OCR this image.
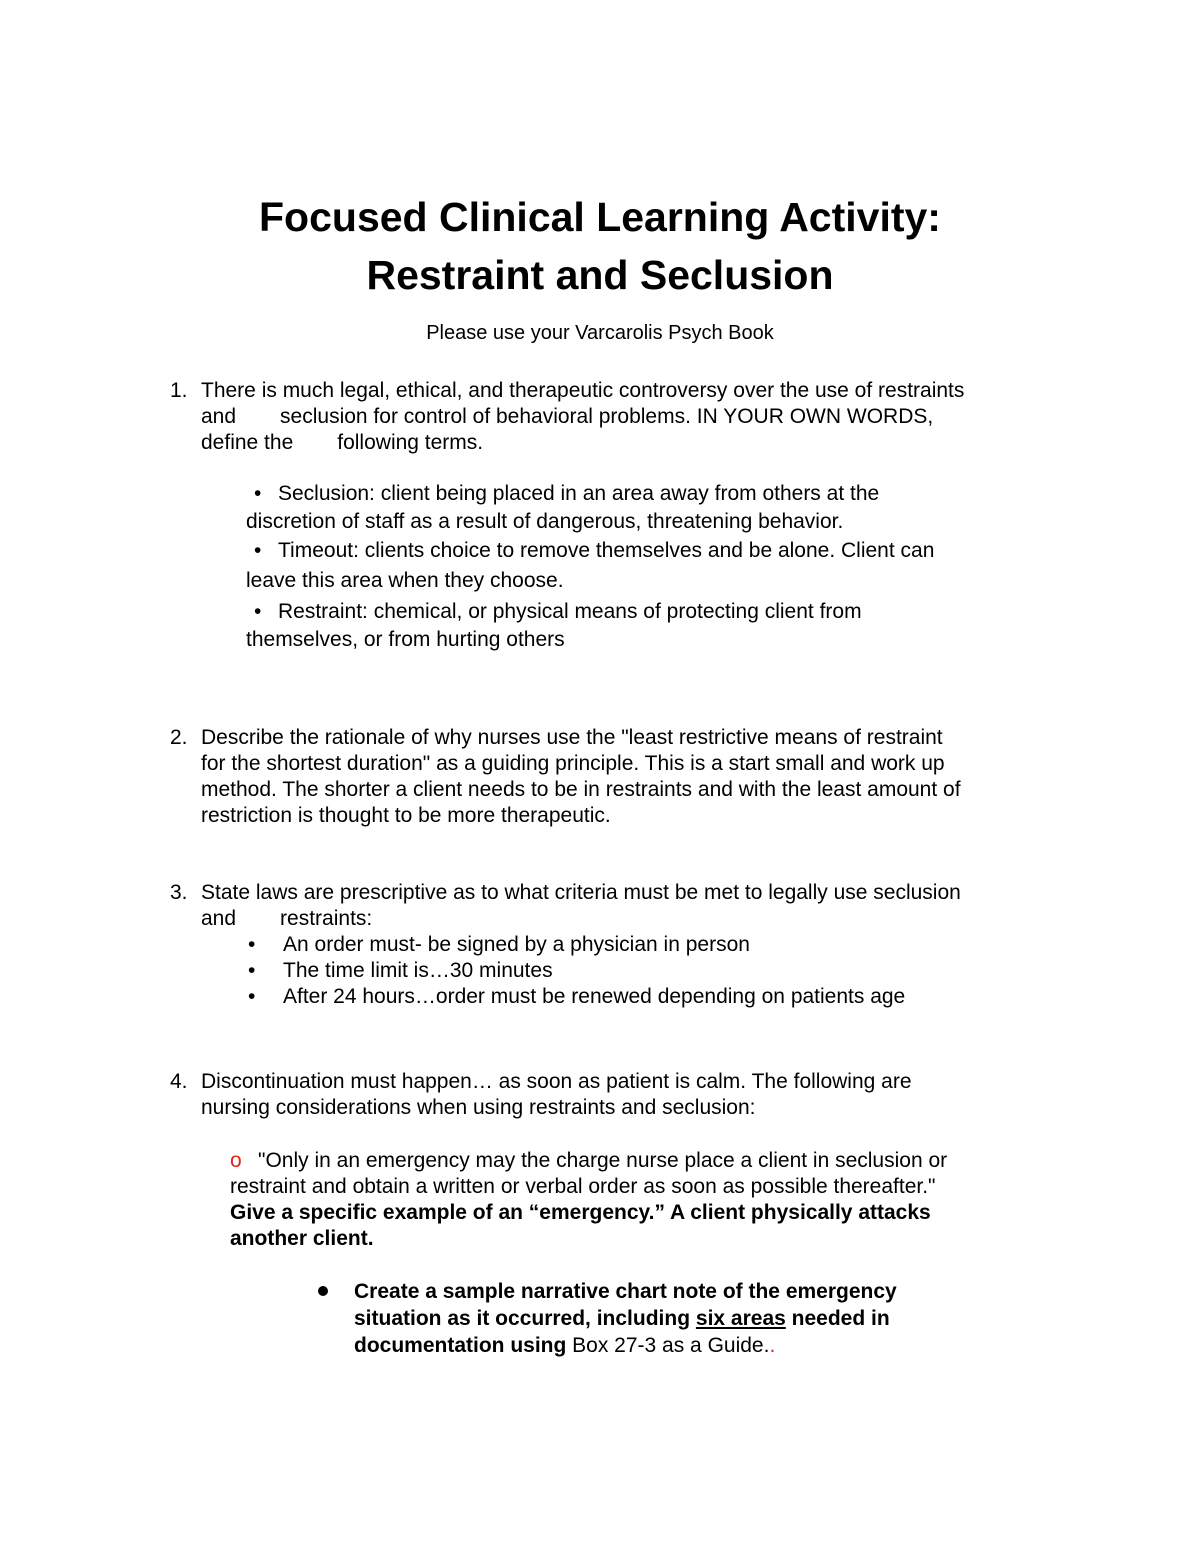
Focused Clinical Learning Activity:
Restraint and Seclusion
Please use your Varcarolis Psych Book
1. There is much legal, ethical, and therapeutic controversy over the use of restraints
and seclusion for control of behavioral problems. IN YOUR OWN WORDS,
define the following terms.
• Seclusion: client being placed in an area away from others at the
discretion of staff as a result of dangerous, threatening behavior.
• Timeout: clients choice to remove themselves and be alone. Client can
leave this area when they choose.
• Restraint: chemical, or physical means of protecting client from
themselves, or from hurting others
2. Describe the rationale of why nurses use the "least restrictive means of restraint
for the shortest duration" as a guiding principle. This is a start small and work up
method. The shorter a client needs to be in restraints and with the least amount of
restriction is thought to be more therapeutic.
3. State laws are prescriptive as to what criteria must be met to legally use seclusion
and restraints:
• An order must- be signed by a physician in person
• The time limit is…30 minutes
• After 24 hours…order must be renewed depending on patients age
4. Discontinuation must happen… as soon as patient is calm. The following are
nursing considerations when using restraints and seclusion:
o "Only in an emergency may the charge nurse place a client in seclusion or
restraint and obtain a written or verbal order as soon as possible thereafter."
Give a specific example of an “emergency.” A client physically attacks
another client.
Create a sample narrative chart note of the emergency
situation as it occurred, including six areas needed in
documentation using Box 27-3 as a Guide..
